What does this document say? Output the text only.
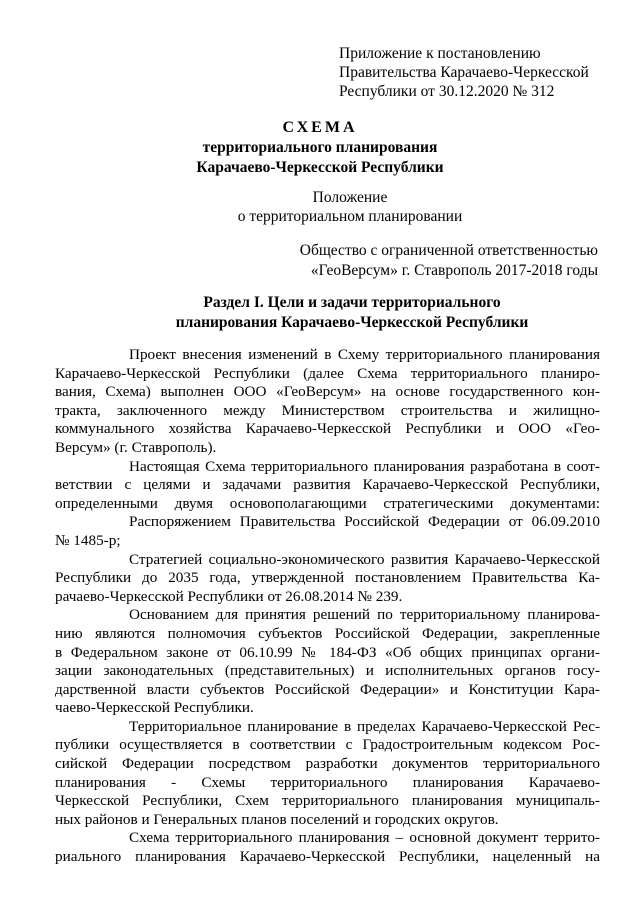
Приложение к постановлению
Правительства Карачаево-Черкесской
Республики от 30.12.2020 № 312
СХЕМА
территориального планирования
Карачаево-Черкесской Республики
Положение
о территориальном планировании
Общество с ограниченной ответственностью
«ГеоВерсум» г. Ставрополь 2017-2018 годы
Раздел I. Цели и задачи территориального
планирования Карачаево-Черкесской Республики
Проект внесения изменений в Схему территориального планирования
Карачаево-Черкесской Республики (далее Схема территориального планиро-
вания, Схема) выполнен ООО «ГеоВерсум» на основе государственного кон-
тракта, заключенного между Министерством строительства и жилищно-
коммунального хозяйства Карачаево-Черкесской Республики и ООО «Гео-
Версум» (г. Ставрополь).
Настоящая Схема территориального планирования разработана в соот-
ветствии с целями и задачами развития Карачаево-Черкесской Республики,
определенными двумя основополагающими стратегическими документами:
Распоряжением Правительства Российской Федерации от 06.09.2010
№ 1485-р;
Стратегией социально-экономического развития Карачаево-Черкесской
Республики до 2035 года, утвержденной постановлением Правительства Ка-
рачаево-Черкесской Республики от 26.08.2014 № 239.
Основанием для принятия решений по территориальному планирова-
нию являются полномочия субъектов Российской Федерации, закрепленные
в Федеральном законе от 06.10.99 № 184-ФЗ «Об общих принципах органи-
зации законодательных (представительных) и исполнительных органов госу-
дарственной власти субъектов Российской Федерации» и Конституции Кара-
чаево-Черкесской Республики.
Территориальное планирование в пределах Карачаево-Черкесской Рес-
публики осуществляется в соответствии с Градостроительным кодексом Рос-
сийской Федерации посредством разработки документов территориального
планирования - Схемы территориального планирования Карачаево-
Черкесской Республики, Схем территориального планирования муниципаль-
ных районов и Генеральных планов поселений и городских округов.
Схема территориального планирования – основной документ террито-
риального планирования Карачаево-Черкесской Республики, нацеленный на
